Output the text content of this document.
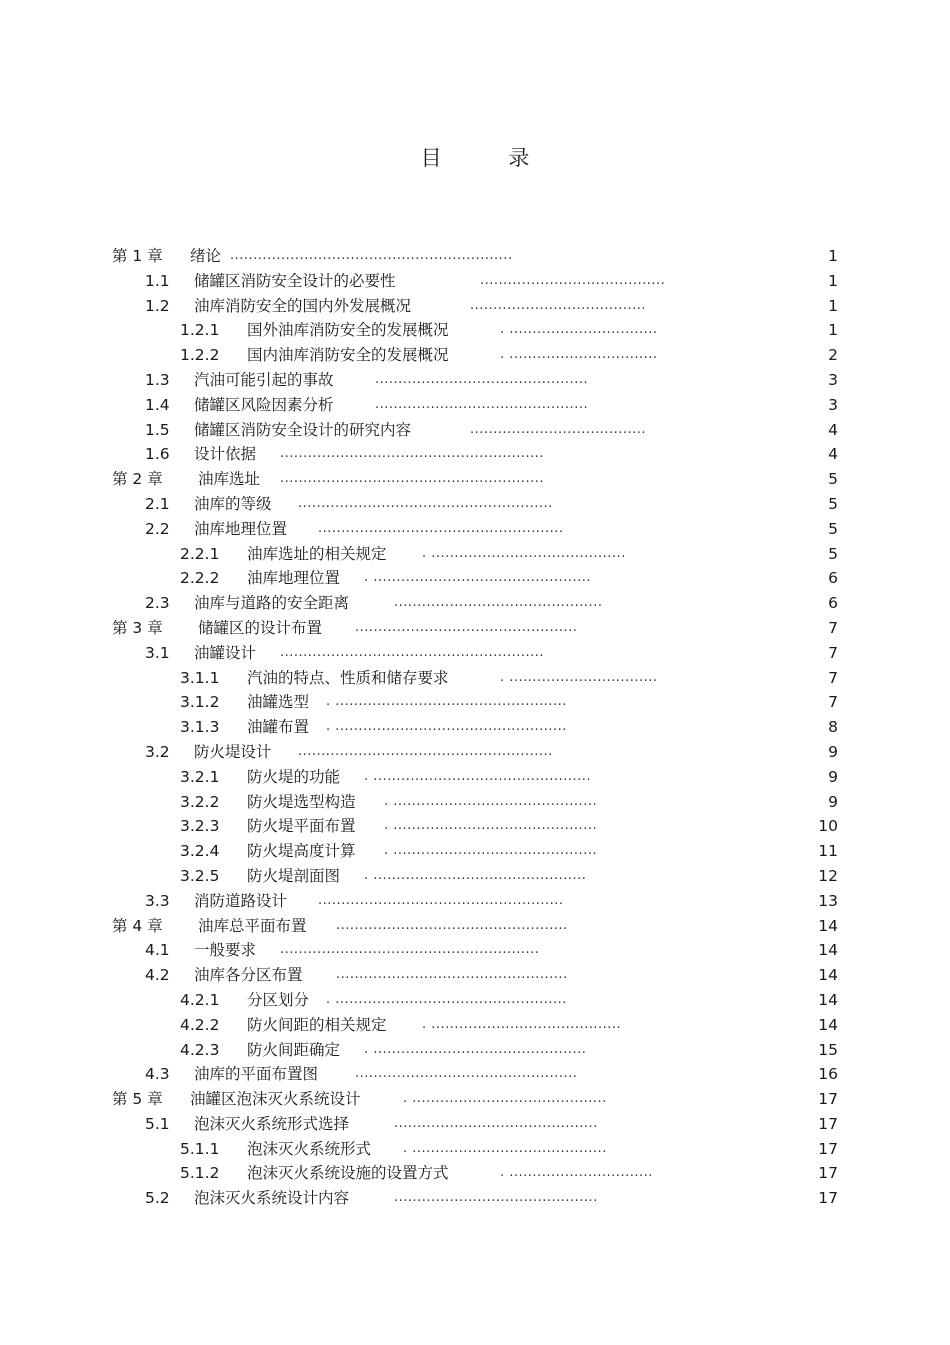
目 录
第 1 章 绪论 .............................................................	1
1.1 储罐区消防安全设计的必要性	........................................	1
1.2 油库消防安全的国内外发展概况	......................................	1
1.2.1 国外油库消防安全的发展概况	. ................................	1
1.2.2 国内油库消防安全的发展概况	. ................................	2
1.3 汽油可能引起的事故	..............................................	3
1.4 储罐区风险因素分析	..............................................	3
1.5 储罐区消防安全设计的研究内容	......................................	4
1.6 设计依据 .........................................................	4
第 2 章 油库选址 .........................................................	5
2.1 油库的等级 .......................................................	5
2.2 油库地理位置 .....................................................	5
2.2.1 油库选址的相关规定	. ..........................................	5
2.2.2 油库地理位置 . ...............................................	6
2.3 油库与道路的安全距离	.............................................	6
第 3 章 储罐区的设计布置	................................................	7
3.1 油罐设计 .........................................................	7
3.1.1 汽油的特点、性质和储存要求	. ................................	7
3.1.2 油罐选型 . ..................................................	7
3.1.3 油罐布置 . ..................................................	8
3.2 防火堤设计 .......................................................	9
3.2.1 防火堤的功能 . ...............................................	9
3.2.2 防火堤选型构造 . ............................................	9
3.2.3 防火堤平面布置 . ............................................	10
3.2.4 防火堤高度计算 . ............................................	11
3.2.5 防火堤剖面图 . ..............................................	12
3.3 消防道路设计 .....................................................	13
第 4 章 油库总平面布置 ..................................................	14
4.1 一般要求 ........................................................	14
4.2 油库各分区布置	..................................................	14
4.2.1 分区划分 . ..................................................	14
4.2.2 防火间距的相关规定	. .........................................	14
4.2.3 防火间距确定 . ..............................................	15
4.3 油库的平面布置图	................................................	16
第 5 章 油罐区泡沫灭火系统设计	. ..........................................	17
5.1 泡沫灭火系统形式选择	............................................	17
5.1.1 泡沫灭火系统形式 . ..........................................	17
5.1.2 泡沫灭火系统设施的设置方式	. ...............................	17
5.2 泡沫灭火系统设计内容	............................................	17
